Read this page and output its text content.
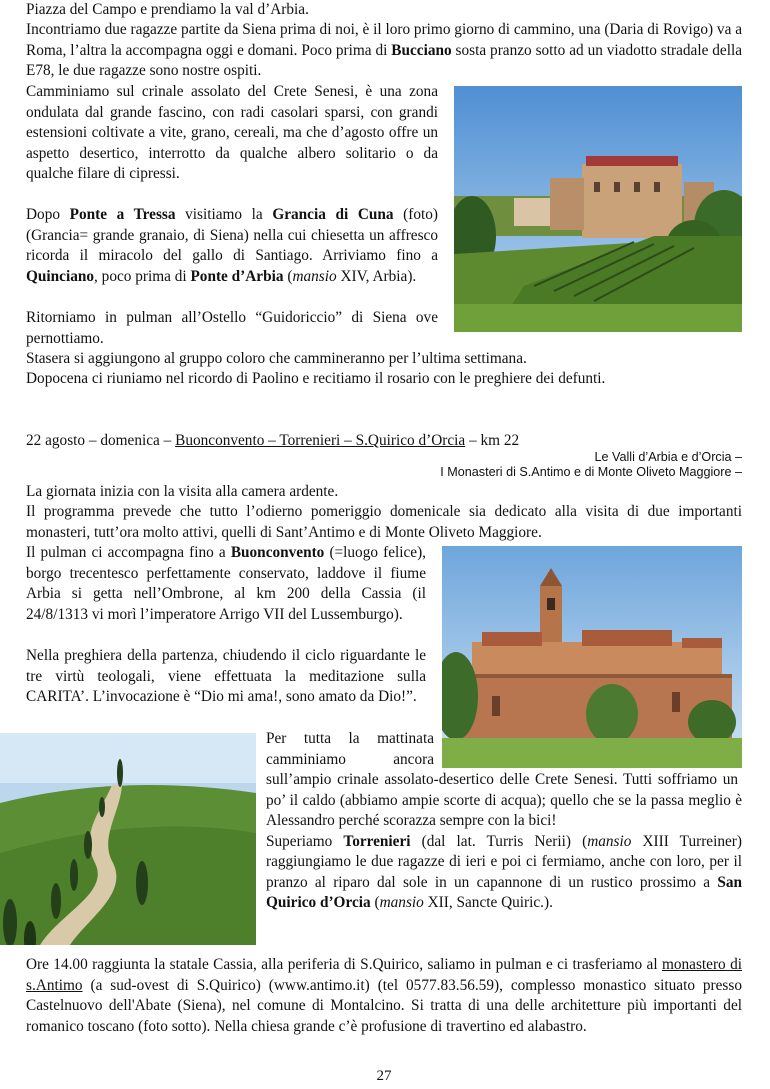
Piazza del Campo e prendiamo la val d’Arbia.

Incontriamo due ragazze partite da Siena prima di noi, è il loro primo giorno di cammino, una (Daria di Rovigo) va a Roma, l’altra la accompagna oggi e domani. Poco prima di Bucciano sosta pranzo sotto ad un viadotto stradale della E78, le due ragazze sono nostre ospiti.

Camminiamo sul crinale assolato del Crete Senesi, è una zona ondulata dal grande fascino, con radi casolari sparsi, con grandi estensioni coltivate a vite, grano, cereali, ma che d’agosto offre un aspetto desertico, interrotto da qualche albero solitario o da qualche filare di cipressi.

Dopo Ponte a Tressa visitiamo la Grancia di Cuna (foto) (Grancia= grande granaio, di Siena) nella cui chiesetta un affresco ricorda il miracolo del gallo di Santiago. Arriviamo fino a Quinciano, poco prima di Ponte d’Arbia (mansio XIV, Arbia).

Ritorniamo in pulman all’Ostello “Guidoriccio” di Siena ove pernottiamo.

Stasera si aggiungono al gruppo coloro che cammineranno per l’ultima settimana.

Dopocena ci riuniamo nel ricordo di Paolino e recitiamo il rosario con le preghiere dei defunti.

22 agosto – domenica – Buonconvento – Torrenieri – S.Quirico d’Orcia – km 22

Le Valli d’Arbia e d’Orcia –
I Monasteri di S.Antimo e di Monte Oliveto Maggiore –

La giornata inizia con la visita alla camera ardente.

Il programma prevede che tutto l’odierno pomeriggio domenicale sia dedicato alla visita di due importanti monasteri, tutt’ora molto attivi, quelli di Sant’Antimo e di Monte Oliveto Maggiore.

Il pulman ci accompagna fino a Buonconvento (=luogo felice), borgo trecentesco perfettamente conservato, laddove il fiume Arbia si getta nell’Ombrone, al km 200 della Cassia (il 24/8/1313 vi morì l’imperatore Arrigo VII del Lussemburgo).

Nella preghiera della partenza, chiudendo il ciclo riguardante le tre virtù teologali, viene effettuata la meditazione sulla CARITA’. L’invocazione è “Dio mi ama!, sono amato da Dio!”.

Per tutta la mattinata camminiamo ancora sull’ampio crinale assolato-desertico delle Crete Senesi. Tutti soffriamo un po’ il caldo (abbiamo ampie scorte di acqua); quello che se la passa meglio è Alessandro perché scorazza sempre con la bici!

Superiamo Torrenieri (dal lat. Turris Nerii) (mansio XIII Turreiner) raggiungiamo le due ragazze di ieri e poi ci fermiamo, anche con loro, per il pranzo al riparo dal sole in un capannone di un rustico prossimo a San Quirico d’Orcia (mansio XII, Sancte Quiric.).

Ore 14.00 raggiunta la statale Cassia, alla periferia di S.Quirico, saliamo in pulman e ci trasferiamo al monastero di s.Antimo (a sud-ovest di S.Quirico) (www.antimo.it) (tel 0577.83.56.59), complesso monastico situato presso Castelnuovo dell'Abate (Siena), nel comune di Montalcino. Si tratta di una delle architetture più importanti del romanico toscano (foto sotto). Nella chiesa grande c’è profusione di travertino ed alabastro.

27
